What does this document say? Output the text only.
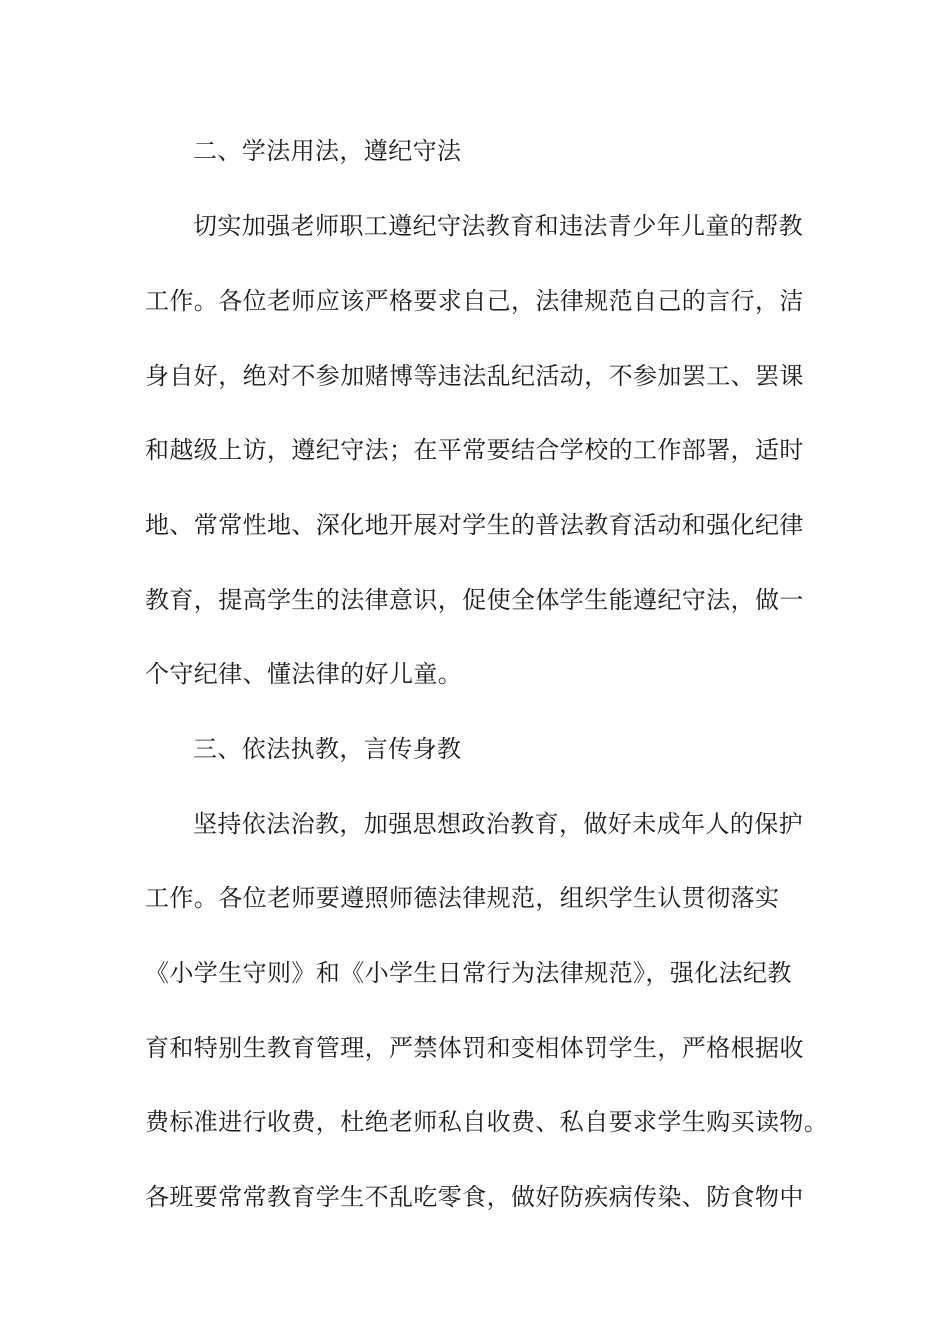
二、学法用法，遵纪守法
切实加强老师职工遵纪守法教育和违法青少年儿童的帮教
工作。各位老师应该严格要求自己，法律规范自己的言行，洁
身自好，绝对不参加赌博等违法乱纪活动，不参加罢工、罢课
和越级上访，遵纪守法；在平常要结合学校的工作部署，适时
地、常常性地、深化地开展对学生的普法教育活动和强化纪律
教育，提高学生的法律意识，促使全体学生能遵纪守法，做一
个守纪律、懂法律的好儿童。
三、依法执教，言传身教
坚持依法治教，加强思想政治教育，做好未成年人的保护
工作。各位老师要遵照师德法律规范，组织学生认贯彻落实
《小学生守则》和《小学生日常行为法律规范》，强化法纪教
育和特别生教育管理，严禁体罚和变相体罚学生，严格根据收
费标准进行收费，杜绝老师私自收费、私自要求学生购买读物。
各班要常常教育学生不乱吃零食，做好防疾病传染、防食物中
